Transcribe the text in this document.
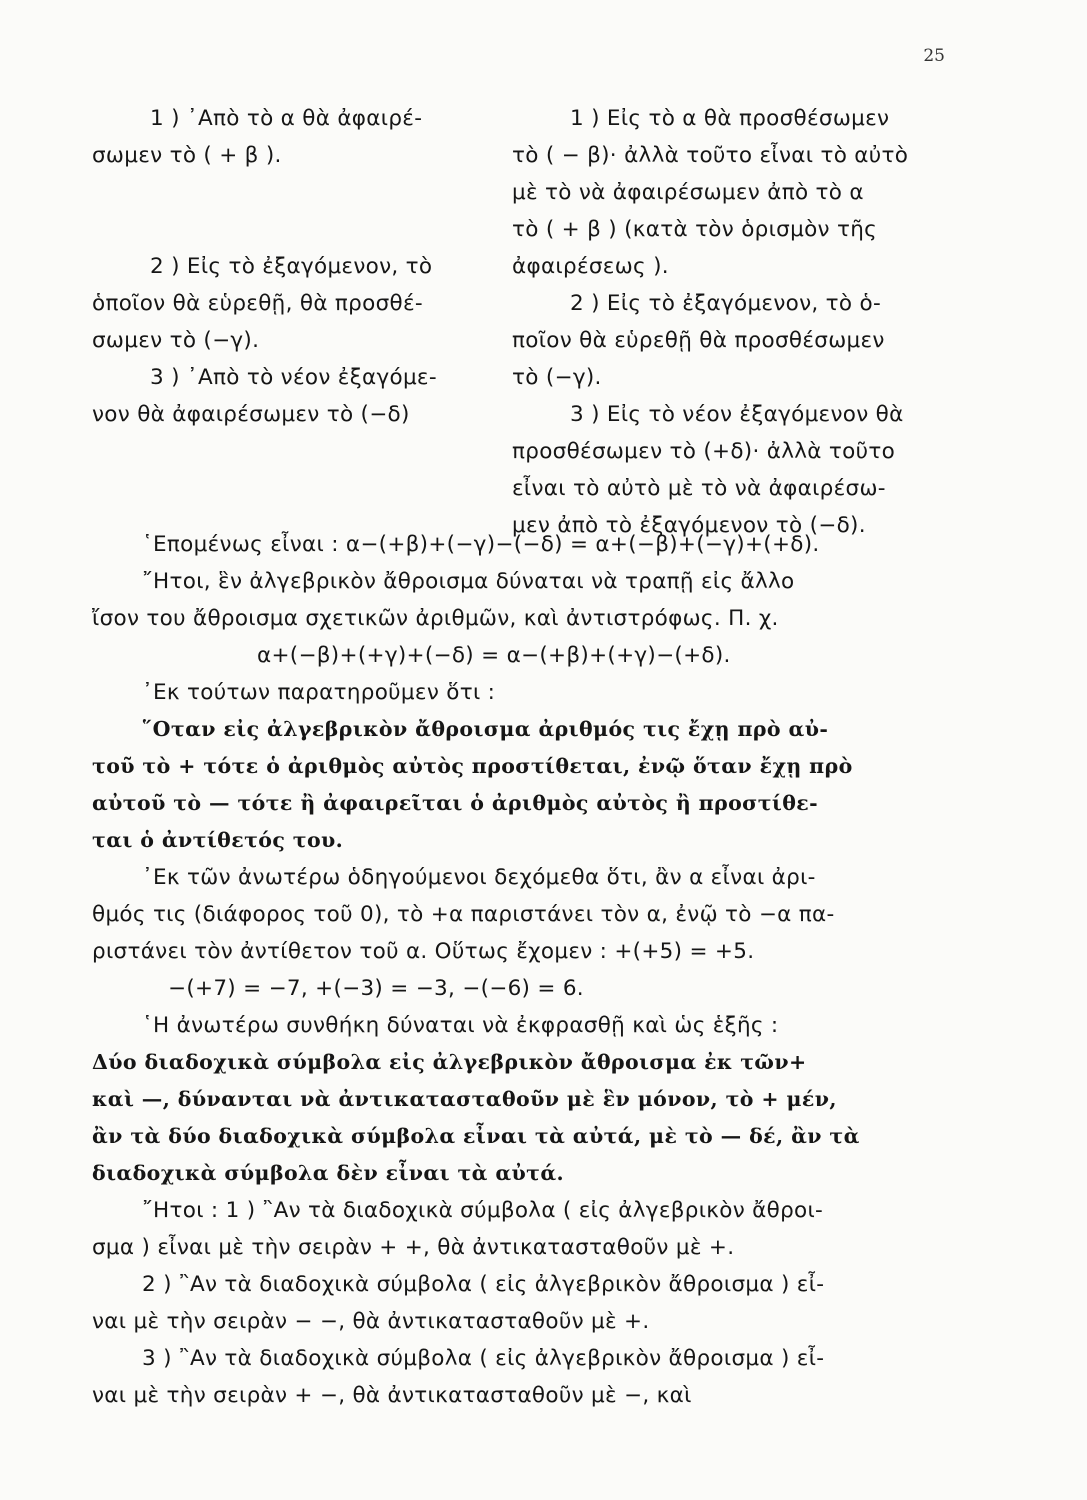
25
1 ) ᾿Απὸ τὸ α θὰ ἀφαιρέ-
σωμεν τὸ ( + β ).
2 ) Εἰς τὸ ἐξαγόμενον, τὸ
ὁποῖον θὰ εὑρεθῇ, θὰ προσθέ-
σωμεν τὸ (−γ).
3 ) ᾿Απὸ τὸ νέον ἐξαγόμε-
νον θὰ ἀφαιρέσωμεν τὸ (−δ)
1 ) Εἰς τὸ α θὰ προσθέσωμεν
τὸ ( − β)· ἀλλὰ τοῦτο εἶναι τὸ αὐτὸ
μὲ τὸ νὰ ἀφαιρέσωμεν ἀπὸ τὸ α
τὸ ( + β ) (κατὰ τὸν ὁρισμὸν τῆς
ἀφαιρέσεως ).
2 ) Εἰς τὸ ἐξαγόμενον, τὸ ὁ-
ποῖον θὰ εὑρεθῇ θὰ προσθέσωμεν
τὸ (−γ).
3 ) Εἰς τὸ νέον ἐξαγόμενον θὰ
προσθέσωμεν τὸ (+δ)· ἀλλὰ τοῦτο
εἶναι τὸ αὐτὸ μὲ τὸ νὰ ἀφαιρέσω-
μεν ἀπὸ τὸ ἐξαγόμενον τὸ (−δ).
῾Επομένως εἶναι : α−(+β)+(−γ)−(−δ) = α+(−β)+(−γ)+(+δ).
῎Ητοι, ἓν ἀλγεβρικὸν ἄθροισμα δύναται νὰ τραπῇ εἰς ἄλλο
ἴσον του ἄθροισμα σχετικῶν ἀριθμῶν, καὶ ἀντιστρόφως. Π. χ.
α+(−β)+(+γ)+(−δ) = α−(+β)+(+γ)−(+δ).
᾿Εκ τούτων παρατηροῦμεν ὅτι :
῞Οταν εἰς ἀλγεβρικὸν ἄθροισμα ἀριθμός τις ἔχῃ πρὸ αὐ-
τοῦ τὸ + τότε ὁ ἀριθμὸς αὐτὸς προστίθεται, ἐνῷ ὅταν ἔχῃ πρὸ
αὐτοῦ τὸ — τότε ἢ ἀφαιρεῖται ὁ ἀριθμὸς αὐτὸς ἢ προστίθε-
ται ὁ ἀντίθετός του.
᾿Εκ τῶν ἀνωτέρω ὁδηγούμενοι δεχόμεθα ὅτι, ἂν α εἶναι ἀρι-
θμός τις (διάφορος τοῦ 0), τὸ +α παριστάνει τὸν α, ἐνῷ τὸ −α πα-
ριστάνει τὸν ἀντίθετον τοῦ α. Οὕτως ἔχομεν : +(+5) = +5.
−(+7) = −7, +(−3) = −3, −(−6) = 6.
῾Η ἀνωτέρω συνθήκη δύναται νὰ ἐκφρασθῇ καὶ ὡς ἑξῆς :
Δύο διαδοχικὰ σύμβολα εἰς ἀλγεβρικὸν ἄθροισμα ἐκ τῶν+
καὶ —, δύνανται νὰ ἀντικατασταθοῦν μὲ ἓν μόνον, τὸ + μέν,
ἂν τὰ δύο διαδοχικὰ σύμβολα εἶναι τὰ αὐτά, μὲ τὸ — δέ, ἂν τὰ
διαδοχικὰ σύμβολα δὲν εἶναι τὰ αὐτά.
῎Ητοι : 1 ) ῍Αν τὰ διαδοχικὰ σύμβολα ( εἰς ἀλγεβρικὸν ἄθροι-
σμα ) εἶναι μὲ τὴν σειρὰν + +, θὰ ἀντικατασταθοῦν μὲ +.
2 ) ῍Αν τὰ διαδοχικὰ σύμβολα ( εἰς ἀλγεβρικὸν ἄθροισμα ) εἶ-
ναι μὲ τὴν σειρὰν − −, θὰ ἀντικατασταθοῦν μὲ +.
3 ) ῍Αν τὰ διαδοχικὰ σύμβολα ( εἰς ἀλγεβρικὸν ἄθροισμα ) εἶ-
ναι μὲ τὴν σειρὰν + −, θὰ ἀντικατασταθοῦν μὲ −, καὶ
